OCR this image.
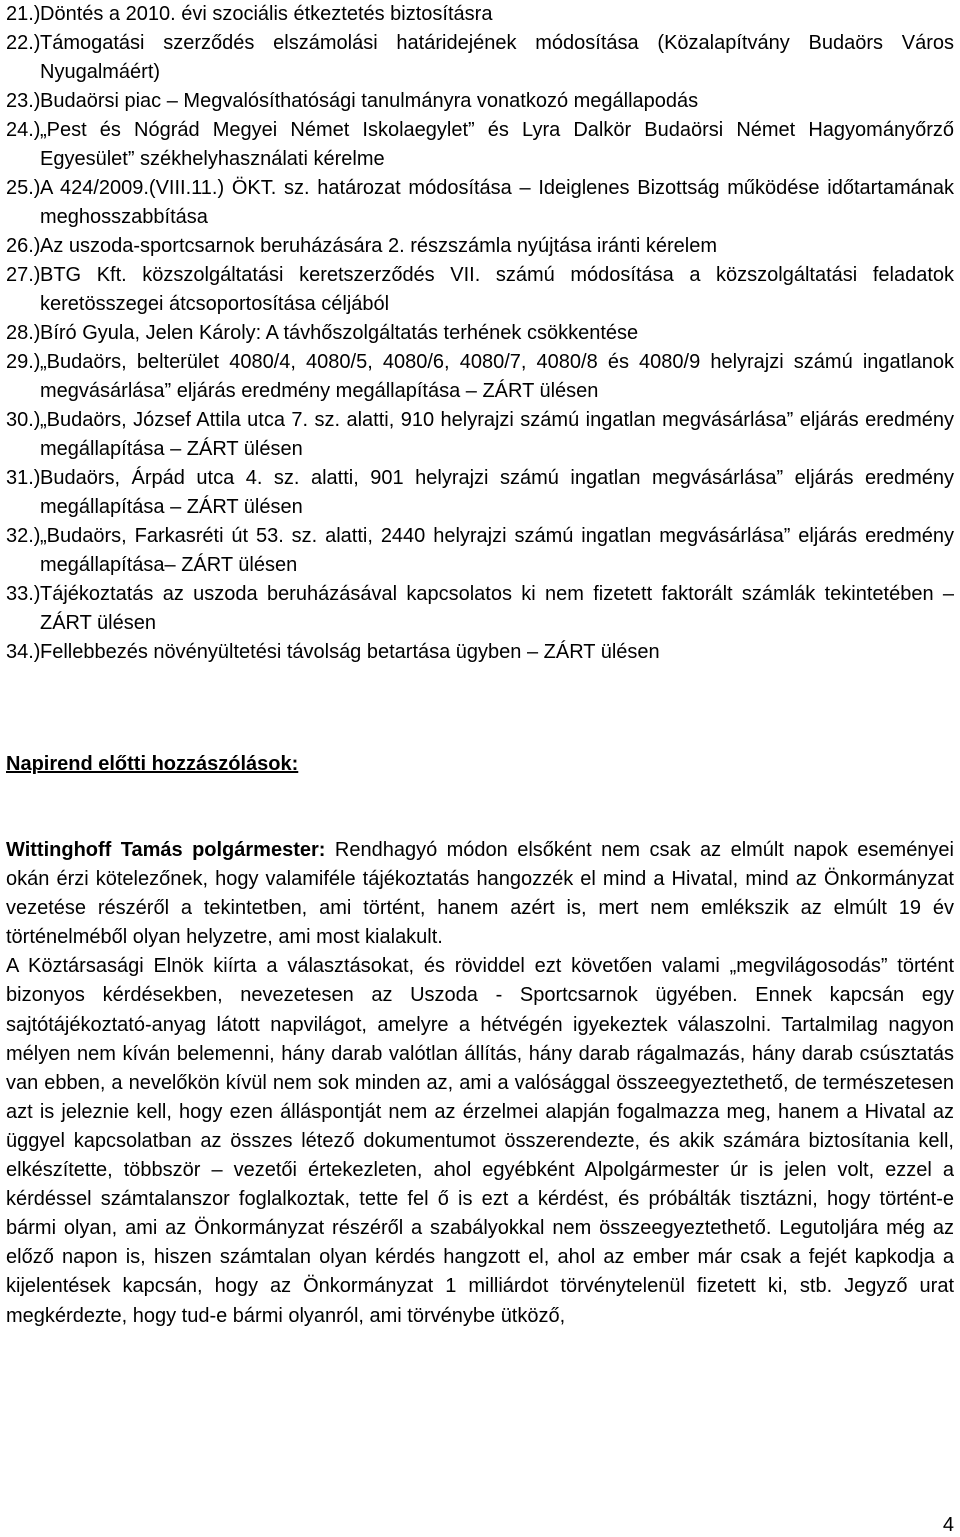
21.) Döntés a 2010. évi szociális étkeztetés biztosításra
22.) Támogatási szerződés elszámolási határidejének módosítása (Közalapítvány Budaörs Város Nyugalmáért)
23.) Budaörsi piac – Megvalósíthatósági tanulmányra vonatkozó megállapodás
24.) „Pest és Nógrád Megyei Német Iskolaegylet” és Lyra Dalkör Budaörsi Német Hagyományőrző Egyesület” székhelyhasználati kérelme
25.) A 424/2009.(VIII.11.) ÖKT. sz. határozat módosítása – Ideiglenes Bizottság működése időtartamának meghosszabbítása
26.) Az uszoda-sportcsarnok beruházására 2. részszámla nyújtása iránti kérelem
27.) BTG Kft. közszolgáltatási keretszerződés VII. számú módosítása a közszolgáltatási feladatok keretösszegei átcsoportosítása céljából
28.) Bíró Gyula, Jelen Károly: A távhőszolgáltatás terhének csökkentése
29.) „Budaörs, belterület 4080/4, 4080/5, 4080/6, 4080/7, 4080/8 és 4080/9 helyrajzi számú ingatlanok megvásárlása” eljárás eredmény megállapítása – ZÁRT ülésen
30.) „Budaörs, József Attila utca 7. sz. alatti, 910 helyrajzi számú ingatlan megvásárlása” eljárás eredmény megállapítása – ZÁRT ülésen
31.) Budaörs, Árpád utca 4. sz. alatti, 901 helyrajzi számú ingatlan megvásárlása” eljárás eredmény megállapítása – ZÁRT ülésen
32.) „Budaörs, Farkasréti út 53. sz. alatti, 2440 helyrajzi számú ingatlan megvásárlása” eljárás eredmény megállapítása– ZÁRT ülésen
33.) Tájékoztatás az uszoda beruházásával kapcsolatos ki nem fizetett faktorált számlák tekintetében – ZÁRT ülésen
34.) Fellebbezés növényültetési távolság betartása ügyben – ZÁRT ülésen
Napirend előtti hozzászólások:

Wittinghoff Tamás polgármester: Rendhagyó módon elsőként nem csak az elmúlt napok eseményei okán érzi kötelezőnek, hogy valamiféle tájékoztatás hangozzék el mind a Hivatal, mind az Önkormányzat vezetése részéről a tekintetben, ami történt, hanem azért is, mert nem emlékszik az elmúlt 19 év történelméből olyan helyzetre, ami most kialakult.

A Köztársasági Elnök kiírta a választásokat, és röviddel ezt követően valami „megvilágosodás” történt bizonyos kérdésekben, nevezetesen az Uszoda - Sportcsarnok ügyében. Ennek kapcsán egy sajtótájékoztató-anyag látott napvilágot, amelyre a hétvégén igyekeztek válaszolni. Tartalmilag nagyon mélyen nem kíván belemenni, hány darab valótlan állítás, hány darab rágalmazás, hány darab csúsztatás van ebben, a nevelőkön kívül nem sok minden az, ami a valósággal összeegyeztethető, de természetesen azt is jeleznie kell, hogy ezen álláspontját nem az érzelmei alapján fogalmazza meg, hanem a Hivatal az üggyel kapcsolatban az összes létező dokumentumot összerendezte, és akik számára biztosítania kell, elkészítette, többször – vezetői értekezleten, ahol egyébként Alpolgármester úr is jelen volt, ezzel a kérdéssel számtalanszor foglalkoztak, tette fel ő is ezt a kérdést, és próbálták tisztázni, hogy történt-e bármi olyan, ami az Önkormányzat részéről a szabályokkal nem összeegyeztethető. Legutoljára még az előző napon is, hiszen számtalan olyan kérdés hangzott el, ahol az ember már csak a fejét kapkodja a kijelentések kapcsán, hogy az Önkormányzat 1 milliárdot törvénytelenül fizetett ki, stb. Jegyző urat megkérdezte, hogy tud-e bármi olyanról, ami törvénybe ütköző,

4
